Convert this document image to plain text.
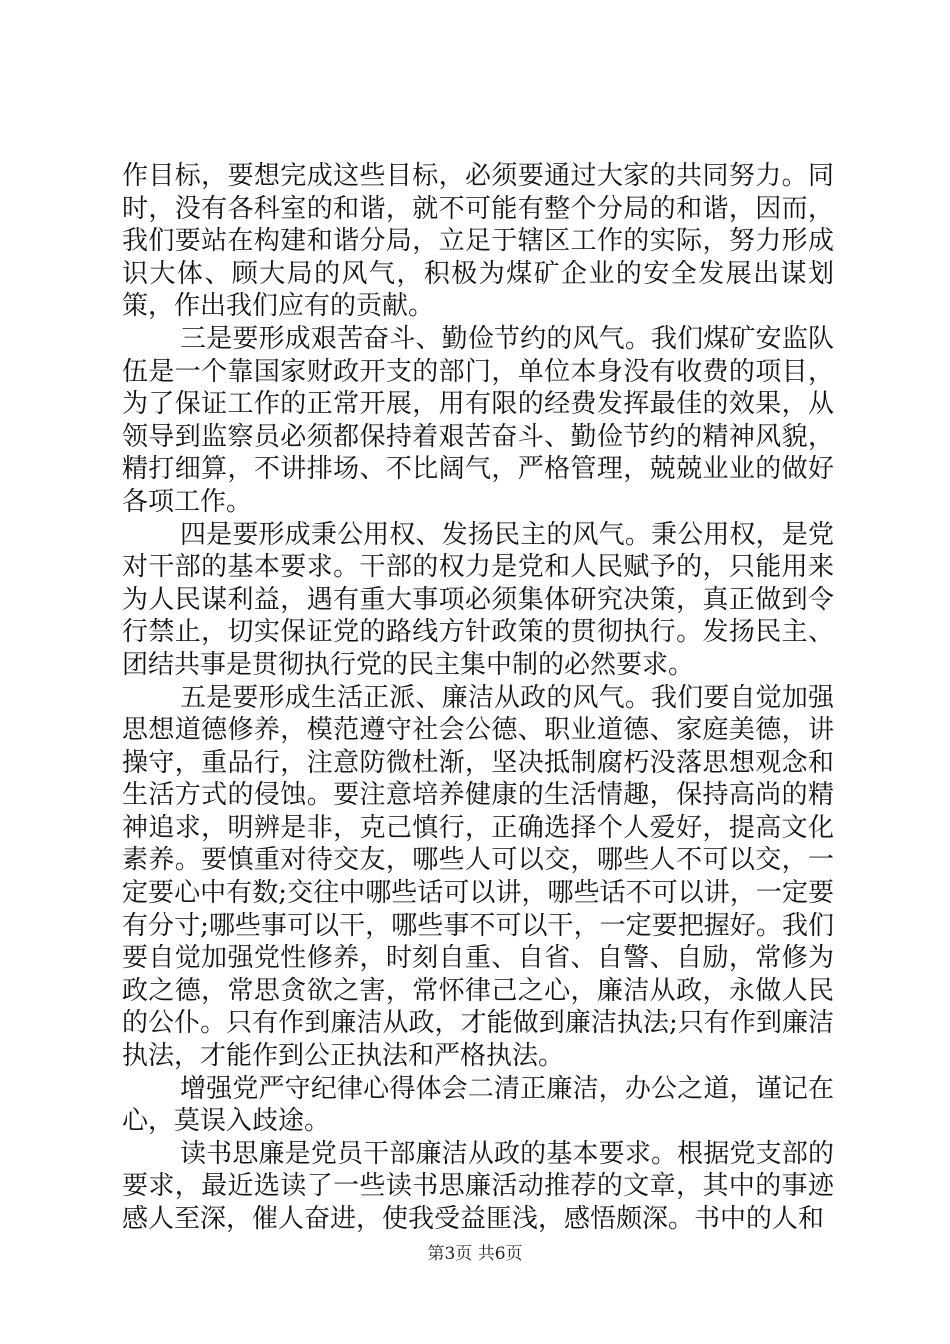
作目标，要想完成这些目标，必须要通过大家的共同努力。同时，没有各科室的和谐，就不可能有整个分局的和谐，因而，我们要站在构建和谐分局，立足于辖区工作的实际，努力形成识大体、顾大局的风气，积极为煤矿企业的安全发展出谋划策，作出我们应有的贡献。

三是要形成艰苦奋斗、勤俭节约的风气。我们煤矿安监队伍是一个靠国家财政开支的部门，单位本身没有收费的项目，为了保证工作的正常开展，用有限的经费发挥最佳的效果，从领导到监察员必须都保持着艰苦奋斗、勤俭节约的精神风貌，精打细算，不讲排场、不比阔气，严格管理，兢兢业业的做好各项工作。

四是要形成秉公用权、发扬民主的风气。秉公用权，是党对干部的基本要求。干部的权力是党和人民赋予的，只能用来为人民谋利益，遇有重大事项必须集体研究决策，真正做到令行禁止，切实保证党的路线方针政策的贯彻执行。发扬民主、团结共事是贯彻执行党的民主集中制的必然要求。

五是要形成生活正派、廉洁从政的风气。我们要自觉加强思想道德修养，模范遵守社会公德、职业道德、家庭美德，讲操守，重品行，注意防微杜渐，坚决抵制腐朽没落思想观念和生活方式的侵蚀。要注意培养健康的生活情趣，保持高尚的精神追求，明辨是非，克己慎行，正确选择个人爱好，提高文化素养。要慎重对待交友，哪些人可以交，哪些人不可以交，一定要心中有数;交往中哪些话可以讲，哪些话不可以讲，一定要有分寸;哪些事可以干，哪些事不可以干，一定要把握好。我们要自觉加强党性修养，时刻自重、自省、自警、自励，常修为政之德，常思贪欲之害，常怀律己之心，廉洁从政，永做人民的公仆。只有作到廉洁从政，才能做到廉洁执法;只有作到廉洁执法，才能作到公正执法和严格执法。

增强党严守纪律心得体会二清正廉洁，办公之道，谨记在心，莫误入歧途。

读书思廉是党员干部廉洁从政的基本要求。根据党支部的要求，最近选读了一些读书思廉活动推荐的文章，其中的事迹感人至深，催人奋进，使我受益匪浅，感悟颇深。书中的人和

第3页 共6页
